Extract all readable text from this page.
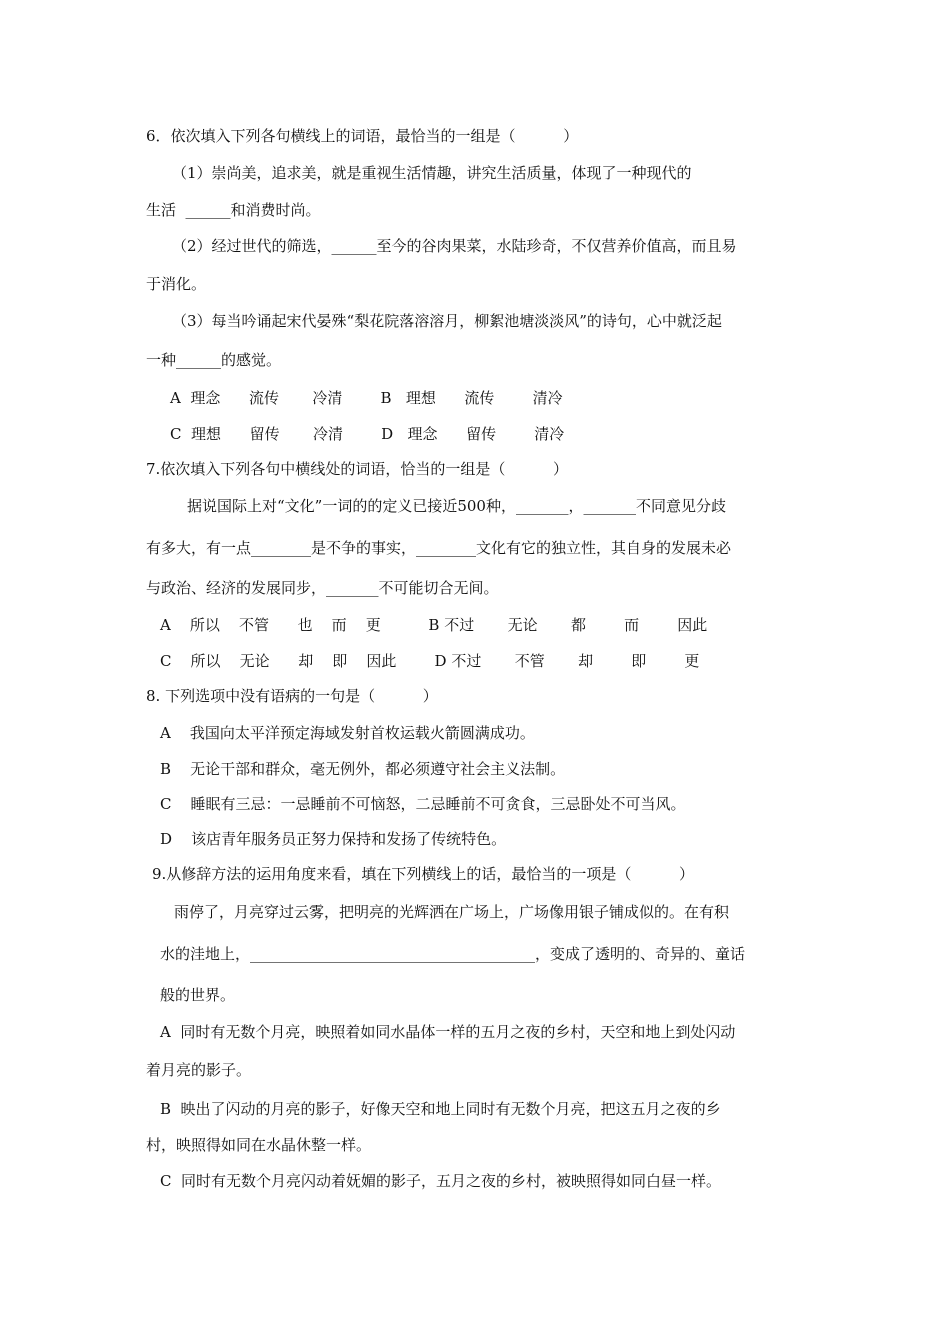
6．依次填入下列各句横线上的词语，最恰当的一组是（          ）
（1）崇尚美，追求美，就是重视生活情趣，讲究生活质量，体现了一种现代的
生活  ______和消费时尚。
（2）经过世代的筛选，______至今的谷肉果菜，水陆珍奇，不仅营养价值高，而且易
于消化。
（3）每当吟诵起宋代晏殊“梨花院落溶溶月，柳絮池塘淡淡风”的诗句，心中就泛起
一种______的感觉。
A  理念      流传       冷清        B   理想      流传        清冷
C  理想      留传       冷清        D   理念      留传        清冷
7.依次填入下列各句中横线处的词语，恰当的一组是（          ）
据说国际上对“文化”一词的的定义已接近500种，_______，_______不同意见分歧
有多大，有一点________是不争的事实，________文化有它的独立性，其自身的发展未必
与政治、经济的发展同步，_______不可能切合无间。
A    所以    不管      也    而    更          B 不过       无论       都        而        因此
C    所以    无论      却    即    因此        D 不过       不管       却        即        更
8. 下列选项中没有语病的一句是（          ）
A    我国向太平洋预定海域发射首枚运载火箭圆满成功。
B    无论干部和群众，毫无例外，都必须遵守社会主义法制。
C    睡眠有三忌：一忌睡前不可恼怒，二忌睡前不可贪食，三忌卧处不可当风。
D    该店青年服务员正努力保持和发扬了传统特色。
9.从修辞方法的运用角度来看，填在下列横线上的话，最恰当的一项是（          ）
雨停了，月亮穿过云雾，把明亮的光辉洒在广场上，广场像用银子铺成似的。在有积
水的洼地上，______________________________________，变成了透明的、奇异的、童话
般的世界。
A  同时有无数个月亮，映照着如同水晶体一样的五月之夜的乡村，天空和地上到处闪动
着月亮的影子。
B  映出了闪动的月亮的影子，好像天空和地上同时有无数个月亮，把这五月之夜的乡
村，映照得如同在水晶休整一样。
C  同时有无数个月亮闪动着妩媚的影子，五月之夜的乡村，被映照得如同白昼一样。
